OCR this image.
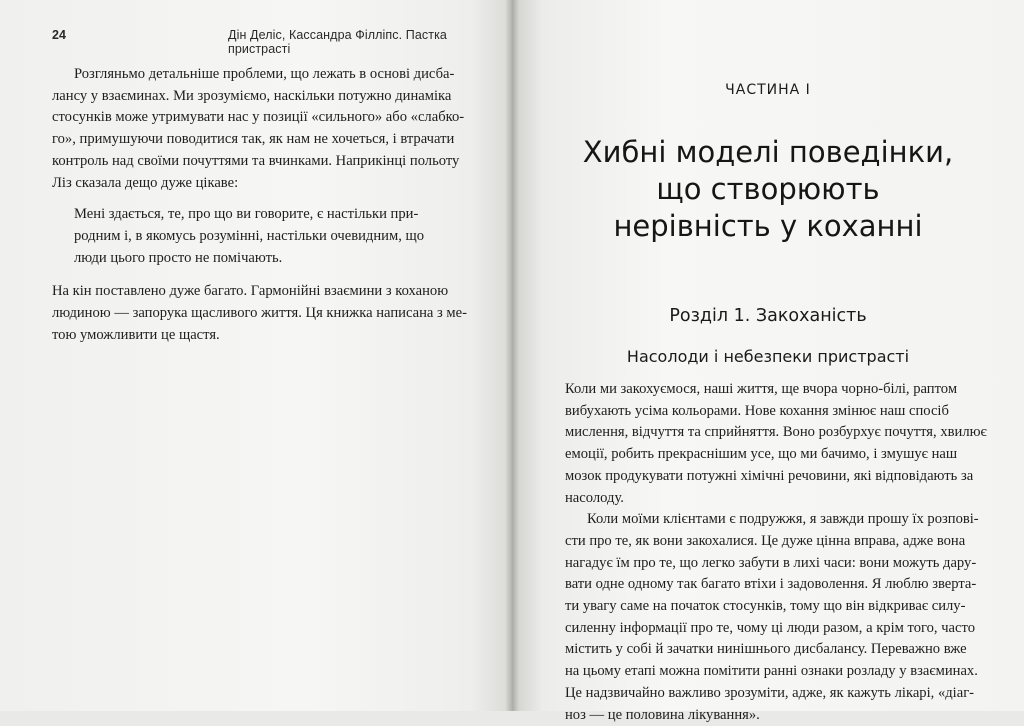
24	Дін Деліс, Кассандра Філліпс. Пастка пристрасті

Розгляньмо детальніше проблеми, що лежать в основі дисба-
лансу у взаєминах. Ми зрозуміємо, наскільки потужно динаміка
стосунків може утримувати нас у позиції «сильного» або «слабко-
го», примушуючи поводитися так, як нам не хочеться, і втрачати
контроль над своїми почуттями та вчинками. Наприкінці польоту
Ліз сказала дещо дуже цікаве:

Мені здається, те, про що ви говорите, є настільки при-
родним і, в якомусь розумінні, настільки очевидним, що
люди цього просто не помічають.

На кін поставлено дуже багато. Гармонійні взаємини з коханою
людиною — запорука щасливого життя. Ця книжка написана з ме-
тою уможливити це щастя.

ЧАСТИНА І
Хибні моделі поведінки,
що створюють
нерівність у коханні
Розділ 1. Закоханість
Насолоди і небезпеки пристрасті

Коли ми закохуємося, наші життя, ще вчора чорно-білі, раптом
вибухають усіма кольорами. Нове кохання змінює наш спосіб
мислення, відчуття та сприйняття. Воно розбурхує почуття, хвилює
емоції, робить прекраснішим усе, що ми бачимо, і змушує наш
мозок продукувати потужні хімічні речовини, які відповідають за
насолоду.

Коли моїми клієнтами є подружжя, я завжди прошу їх розпові-
сти про те, як вони закохалися. Це дуже цінна вправа, адже вона
нагадує їм про те, що легко забути в лихі часи: вони можуть дару-
вати одне одному так багато втіхи і задоволення. Я люблю зверта-
ти увагу саме на початок стосунків, тому що він відкриває силу-
силенну інформації про те, чому ці люди разом, а крім того, часто
містить у собі й зачатки нинішнього дисбалансу. Переважно вже
на цьому етапі можна помітити ранні ознаки розладу у взаєминах.
Це надзвичайно важливо зрозуміти, адже, як кажуть лікарі, «діаг-
ноз — це половина лікування».
